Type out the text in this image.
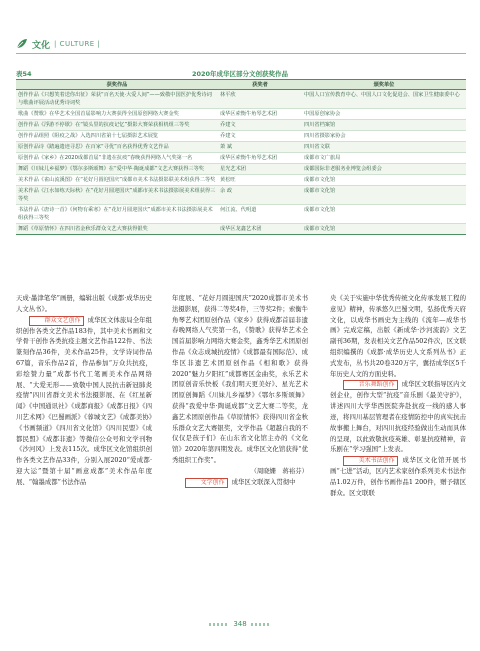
文化 | CULTURE |
表54	2020年成华区部分文创获奖作品
获奖作品	获奖者	颁奖单位
创作作品《只想笑着送你出征》荣获“百名天使·大爱人间”——致敬中国医护优秀诗词与歌曲评展活动优秀诗词奖	林平欣	中国人口宣传教育中心、中国人口文化促进会、国家卫生健康委中心
歌曲《赞歌》在华艺术全国首届影响力大赛获得全国原创网络大赛金奖	成华区索衡牛角琴艺术团	中国原创家协会
创作作品《浮游不停歇》在“镜头里的抗疫记忆”摄影大赛荣获相机组三等奖	乔建文	四川省档案馆
创作作品组照《阻疫之战》入选四川省第十七届摄影艺术展览	乔建文	四川省摄影家协会
原创作品诗《踏遍遗迹寻思》在百家“寻优”百名获得优秀文艺作品	萧 斌	四川省文联
原创作品《家乡》在2020成都首届“非遗在抗疫”春晚获得网络人气奖第一名	成华区索衡牛角琴艺术团	成都市文广旅局
舞蹈《川妹儿乡福梦》《鄂尔多斯颂舞》在“爱中华·陶诞成都”文艺大赛获得三等奖	星光艺术团	成都国际非老服务业博览会组委会
美术作品《雀山流溪图》在“花好月圆迎国庆”成都市美术书法摄影联美术组获得二等奖	黄松旺	成都市文化馆
美术作品《江水如练天际秋》在“花好月圆迎国庆”成都市美术书法摄影展美术组获得三等奖	余 政	成都市文化馆
书法作品《唐诗一首》《何物有乘寒》在“花好月圆迎国庆”成都市美术书法摄影展美术组获得三等奖	何江流、代明道	成都市文化馆
舞蹈《草原情怀》在四川省金秋乐群众文艺大赛获得银奖	成华区龙鑫艺术团	成都市文化馆

天成·墨津笔华”画册，编辑出版《成都·成华历史人文丛书》。

群众文艺创作 成华区文体旅局全年组织创作各类文艺作品183件，其中美术书画和文学骨干创作各类抗疫主题文艺作品122件、书法篆刻作品36件，美术作品25件，文学诗词作品67篇，音乐作品2首，作品参加“万众共抗疫，彩绘赞力量”成都书代工笔画美术作品网络展、“大爱无形——致敬中国人民抗击新冠肺炎疫情”四川省群文美术书法摄影展、在《红星新闻》《中国通讯社》《成都商报》《成都日报》《四川艺术网》《巴蜀画派》《蓉城文艺》《成都美协》《书画频道》《四川省文化馆》《四川民盟》《成都民盟》《成都非遗》等微信公众号和文学刊物《沙河风》上发表115次。成华区文化馆组织创作各类文艺作品33件，分别入展2020“爱成都·迎大运”暨第十届“画意成都”美术作品年度展、“翰墨成都”书法作品

年度展、“花好月圆迎国庆”2020成都市美术书法摄影展，获得二等奖4件，三等奖2件；索衡牛角琴艺术团原创作品《家乡》获得成都首届非遗春晚网络人气奖第一名，《赞歌》获得华艺术全国首届影响力网络大赛金奖，鑫秀华艺术团原创作品《众志成城抗疫情》《成都最有国际范》、成华区非遗艺术团原创作品《相和歌》获得2020“魅力夕阳红”成都赛区金曲奖，永乐艺术团原创音乐快板《我们明天更美好》、星光艺术团原创舞蹈《川妹儿乡福梦》《鄂尔多斯颂舞》获得“我爱中华·陶诞成都”文艺大赛二等奖，龙鑫艺术团原创作品《草原情怀》获得四川省金秋乐群众文艺大赛银奖，文学作品《超越自我的不仅仅是孩子们》在山东省文化馆主办的《文化馆》2020年第四期发表。成华区文化馆获得“优秀组织工作奖”。

（周晓姗　蒋裕芬）

文学创作 成华区文联深入贯彻中

央《关于实施中华优秀传统文化传承发展工程的意见》精神，传承悠久巴蜀文明，弘扬优秀天府文化，以成华书画史为主线的《流年—成华书画》完成定稿，出版《新成华·沙河流韵》文艺副刊36期，发表相关文艺作品502件次，区文联组织编撰的《成都·成华历史人文系列丛书》正式发布，丛书共20卷320万字，囊括成华区5千年历史人文的方面史料。

音乐舞蹈创作 成华区文联指导区内文创企业，创作大型“抗疫”音乐剧《最美守护》，讲述四川大学华西医院奔赴抗疫一线的感人事迹，将四川基层管理者在疫情防控中的真实抗击故事搬上舞台，对四川抗疫经验做出生动而具体的呈现，以此致敬抗疫英雄、彰显抗疫精神，音乐剧在“学习强国”上发表。

美术书法创作 成华区文化馆开展书画“七进”活动，区内艺术家创作系列美术书法作品1.02万件，创作书画作品1 200件，赠予辖区群众。区文联联

348
